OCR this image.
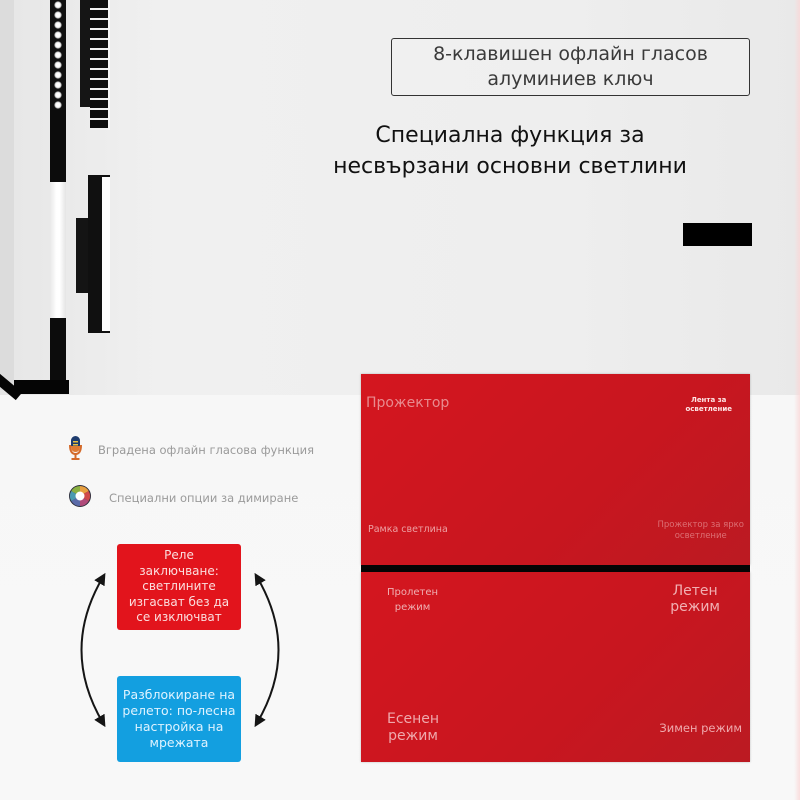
8-клавишен офлайн гласов
алуминиев ключ
Специална функция за
несвързани основни светлини
Вградена офлайн гласова функция
Специални опции за димиране
Реле
заключване:
светлините
изгасват без да
се изключват
Разблокиране на
релето: по-лесна
настройка на
мрежата
Прожектор	Лента за
осветление
Рамка светлина	Прожектор за ярко
осветление
Пролетен
режим
Летен
режим
Есенен
режим	Зимен режим
